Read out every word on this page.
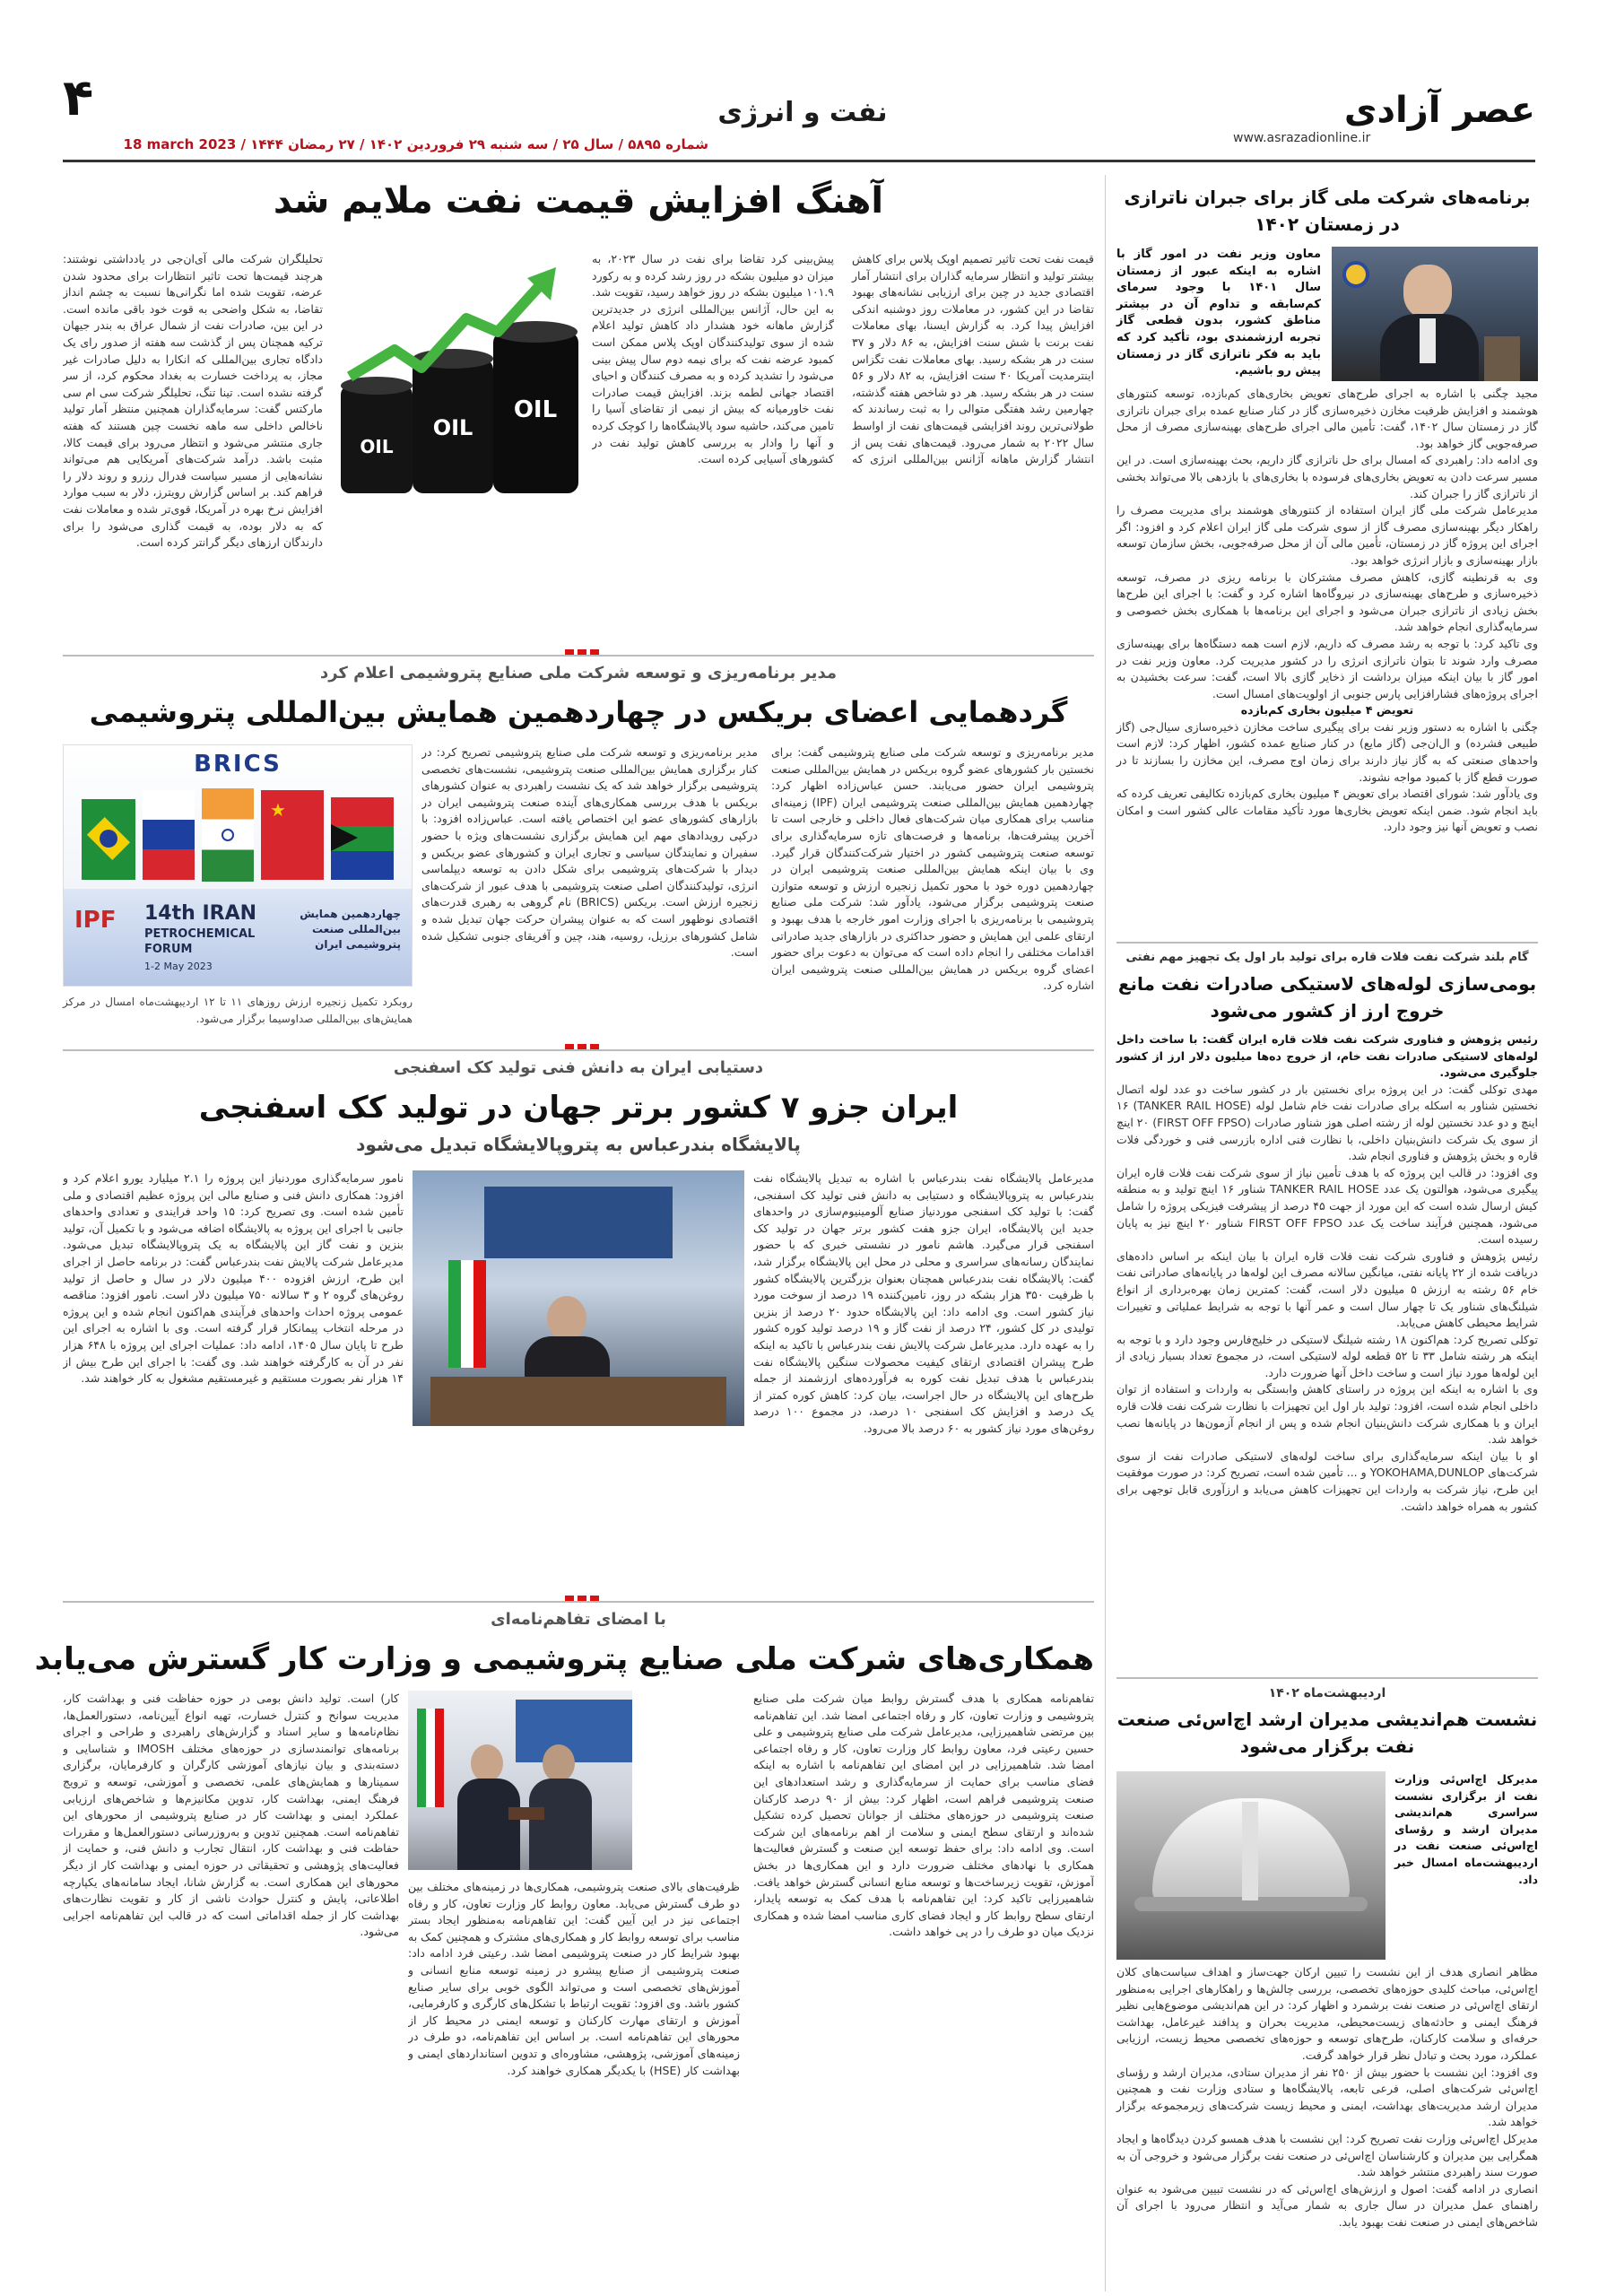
۴	نفت و انرژی	عصر آزادی
www.asrazadionline.ir
شماره ۵۸۹۵ / سال ۲۵ / سه شنبه ۲۹ فروردین ۱۴۰۲ / ۲۷ رمضان ۱۴۴۴ / 18 march 2023
برنامه‌های شرکت ملی گاز برای جبران ناترازی در زمستان ۱۴۰۲
معاون وزیر نفت در امور گاز با اشاره به اینکه عبور از زمستان سال ۱۴۰۱ با وجود سرمای کم‌سابقه و تداوم آن در بیشتر مناطق کشور، بدون قطعی گاز تجربه ارزشمندی بود، تأکید کرد که باید به فکر ناترازی گاز در زمستان پیش رو باشیم.

مجید چگنی با اشاره به اجرای طرح‌های تعویض بخاری‌های کم‌بازده، توسعه کنتورهای هوشمند و افزایش ظرفیت مخازن ذخیره‌سازی گاز در کنار صنایع عمده برای جبران ناترازی گاز در زمستان سال ۱۴۰۲، گفت: تأمین مالی اجرای طرح‌های بهینه‌سازی مصرف از محل صرفه‌جویی گاز خواهد بود.

وی ادامه داد: راهبردی که امسال برای حل ناترازی گاز داریم، بحث بهینه‌سازی است. در این مسیر سرعت دادن به تعویض بخاری‌های فرسوده با بخاری‌های با بازدهی بالا می‌تواند بخشی از ناترازی گاز را جبران کند.

مدیرعامل شرکت ملی گاز ایران استفاده از کنتورهای هوشمند برای مدیریت مصرف را راهکار دیگر بهینه‌سازی مصرف گاز از سوی شرکت ملی گاز ایران اعلام کرد و افزود: اگر اجرای این پروژه گاز در زمستان، تأمین مالی آن از محل صرفه‌جویی، بخش سازمان توسعه بازار بهینه‌سازی و بازار انرژی خواهد بود.

وی به قرنطینه گازی، کاهش مصرف مشترکان با برنامه ریزی در مصرف، توسعه ذخیره‌سازی و طرح‌های بهینه‌سازی در نیروگاه‌ها اشاره کرد و گفت: با اجرای این طرح‌ها بخش زیادی از ناترازی جبران می‌شود و اجرای این برنامه‌ها با همکاری بخش خصوصی و سرمایه‌گذاری انجام خواهد شد.

وی تاکید کرد: با توجه به رشد مصرف که داریم، لازم است همه دستگاه‌ها برای بهینه‌سازی مصرف وارد شوند تا بتوان ناترازی انرژی را در کشور مدیریت کرد. معاون وزیر نفت در امور گاز با بیان اینکه میزان برداشت از ذخایر گازی بالا است، گفت: سرعت بخشیدن به اجرای پروژه‌های فشارافزایی پارس جنوبی از اولویت‌های امسال است.

تعویض ۴ میلیون بخاری کم‌بازده

چگنی با اشاره به دستور وزیر نفت برای پیگیری ساخت مخازن ذخیره‌سازی سیال‌جی (گاز طبیعی فشرده) و ال‌ان‌جی (گاز مایع) در کنار صنایع عمده کشور، اظهار کرد: لازم است واحدهای صنعتی که به گاز نیاز دارند برای زمان اوج مصرف، این مخازن را بسازند تا در صورت قطع گاز با کمبود مواجه نشوند.

وی یادآور شد: شورای اقتصاد برای تعویض ۴ میلیون بخاری کم‌بازده تکالیفی تعریف کرده که باید انجام شود. ضمن اینکه تعویض بخاری‌ها مورد تأکید مقامات عالی کشور است و امکان نصب و تعویض آنها نیز وجود دارد.

گام بلند شرکت نفت فلات قاره برای تولید بار اول یک تجهیز مهم نفتی
بومی‌سازی لوله‌های لاستیکی صادرات نفت مانع خروج ارز از کشور می‌شود

رئیس پژوهش و فناوری شرکت نفت فلات قاره ایران گفت: با ساخت داخل لوله‌های لاستیکی صادرات نفت خام، از خروج ده‌ها میلیون دلار ارز از کشور جلوگیری می‌شود.

مهدی توکلی گفت: در این پروژه برای نخستین بار در کشور ساخت دو عدد لوله اتصال نخستین شناور به اسکله برای صادرات نفت خام شامل لوله (TANKER RAIL HOSE) ۱۶ اینچ و دو عدد نخستین لوله از رشته اصلی هوز شناور صادرات (FIRST OFF FPSO) ۲۰ اینچ از سوی یک شرکت دانش‌بنیان داخلی، با نظارت فنی اداره بازرسی فنی و خوردگی فلات قاره و بخش پژوهش و فناوری انجام شد.

وی افزود: در قالب این پروژه که با هدف تأمین نیاز از سوی شرکت نفت فلات قاره ایران پیگیری می‌شود، هوالتون یک عدد TANKER RAIL HOSE شناور ۱۶ اینچ تولید و به منطقه کیش ارسال شده است که این مورد از جهت ۴۵ درصد از پیشرفت فیزیکی پروژه را شامل می‌شود، همچنین فرآیند ساخت یک عدد FIRST OFF FPSO شناور ۲۰ اینچ نیز به پایان رسیده است.

رئیس پژوهش و فناوری شرکت نفت فلات قاره ایران با بیان اینکه بر اساس داده‌های دریافت شده از ۲۲ پایانه نفتی، میانگین سالانه مصرف این لوله‌ها در پایانه‌های صادراتی نفت خام ۵۶ رشته به ارزش ۵ میلیون دلار است، گفت: کمترین زمان بهره‌برداری از انواع شیلنگ‌های شناور یک تا چهار سال است و عمر آنها با توجه به شرایط عملیاتی و تغییرات شرایط محیطی کاهش می‌یابد.

توکلی تصریح کرد: هم‌اکنون ۱۸ رشته شیلنگ لاستیکی در خلیج‌فارس وجود دارد و با توجه به اینکه هر رشته شامل ۳۳ تا ۵۲ قطعه لوله لاستیکی است، در مجموع تعداد بسیار زیادی از این لوله‌ها مورد نیاز است و ساخت داخل آنها ضرورت دارد.

وی با اشاره به اینکه این پروژه در راستای کاهش وابستگی به واردات و استفاده از توان داخلی انجام شده است، افزود: تولید بار اول این تجهیزات با نظارت شرکت نفت فلات قاره ایران و با همکاری شرکت دانش‌بنیان انجام شده و پس از انجام آزمون‌ها در پایانه‌ها نصب خواهد شد.

او با بیان اینکه سرمایه‌گذاری برای ساخت لوله‌های لاستیکی صادرات نفت از سوی شرکت‌های YOKOHAMA,DUNLOP و ... تأمین شده است، تصریح کرد: در صورت موفقیت این طرح، نیاز شرکت به واردات این تجهیزات کاهش می‌یابد و ارزآوری قابل توجهی برای کشور به همراه خواهد داشت.

اردیبهشت‌ماه ۱۴۰۲
نشست هم‌اندیشی مدیران ارشد اچ‌اس‌ئی صنعت نفت برگزار می‌شود
مدیرکل اچ‌اس‌ئی وزارت نفت از برگزاری نشست سراسری هم‌اندیشی مدیران ارشد و رؤسای اچ‌اس‌ئی صنعت نفت در اردیبهشت‌ماه امسال خبر داد.

مظاهر انصاری هدف از این نشست را تبیین ارکان جهت‌ساز و اهداف سیاست‌های کلان اچ‌اس‌ئی، مباحث کلیدی حوزه‌های تخصصی، بررسی چالش‌ها و راهکارهای اجرایی به‌منظور ارتقای اچ‌اس‌ئی در صنعت نفت برشمرد و اظهار کرد: در این هم‌اندیشی موضوع‌هایی نظیر فرهنگ ایمنی و حادثه‌های زیست‌محیطی، مدیریت بحران و پدافند غیرعامل، بهداشت حرفه‌ای و سلامت کارکنان، طرح‌های توسعه و حوزه‌های تخصصی محیط زیست، ارزیابی عملکرد، مورد بحث و تبادل نظر قرار خواهد گرفت.

وی افزود: این نشست با حضور بیش از ۲۵۰ نفر از مدیران ستادی، مدیران ارشد و رؤسای اچ‌اس‌ئی شرکت‌های اصلی، فرعی تابعه، پالایشگاه‌ها و ستادی وزارت نفت و همچنین مدیران ارشد مدیریت‌های بهداشت، ایمنی و محیط زیست شرکت‌های زیرمجموعه برگزار خواهد شد.

مدیرکل اچ‌اس‌ئی وزارت نفت تصریح کرد: این نشست با هدف همسو کردن دیدگاه‌ها و ایجاد همگرایی بین مدیران و کارشناسان اچ‌اس‌ئی در صنعت نفت برگزار می‌شود و خروجی آن به صورت سند راهبردی منتشر خواهد شد.

انصاری در ادامه گفت: اصول و ارزش‌های اچ‌اس‌ئی که در نشست تبیین می‌شود به عنوان راهنمای عمل مدیران در سال جاری به شمار می‌آید و انتظار می‌رود با اجرای آن شاخص‌های ایمنی در صنعت نفت بهبود یابد.

آهنگ افزایش قیمت نفت ملایم شد
قیمت نفت تحت تاثیر تصمیم اوپک پلاس برای کاهش بیشتر تولید و انتظار سرمایه گذاران برای انتشار آمار اقتصادی جدید در چین برای ارزیابی نشانه‌های بهبود تقاضا در این کشور، در معاملات روز دوشنبه اندکی افزایش پیدا کرد. به گزارش ایسنا، بهای معاملات نفت برنت با شش سنت افزایش، به ۸۶ دلار و ۳۷ سنت در هر بشکه رسید. بهای معاملات نفت تگزاس اینترمدیت آمریکا ۴۰ سنت افزایش، به ۸۲ دلار و ۵۶ سنت در هر بشکه رسید. هر دو شاخص هفته گذشته، چهارمین رشد هفتگی متوالی را به ثبت رساندند که طولانی‌ترین روند افزایشی قیمت‌های نفت از اواسط سال ۲۰۲۲ به شمار می‌رود. قیمت‌های نفت پس از انتشار گزارش ماهانه آژانس بین‌المللی انرژی که پیش‌بینی کرد تقاضا برای نفت در سال ۲۰۲۳، به میزان دو میلیون بشکه در روز رشد کرده و به رکورد ۱۰۱.۹ میلیون بشکه در روز خواهد رسید، تقویت شد. به این حال، آژانس بین‌المللی انرژی در جدیدترین گزارش ماهانه خود هشدار داد کاهش تولید اعلام شده از سوی تولیدکنندگان اوپک پلاس ممکن است کمبود عرضه نفت که برای نیمه دوم سال پیش بینی می‌شود را تشدید کرده و به مصرف کنندگان و احیای اقتصاد جهانی لطمه بزند. افزایش قیمت صادرات نفت خاورمیانه که بیش از نیمی از تقاضای آسیا را تامین می‌کند، حاشیه سود پالایشگاه‌ها را کوچک کرده و آنها را وادار به بررسی کاهش تولید نفت در کشورهای آسیایی کرده است.
OIL
OIL
OIL
تحلیلگران شرکت مالی آی‌ان‌جی در یادداشتی نوشتند: هرچند قیمت‌ها تحت تاثیر انتظارات برای محدود شدن عرضه، تقویت شده اما نگرانی‌ها نسبت به چشم انداز تقاضا، به شکل واضحی به قوت خود باقی مانده است. در این بین، صادرات نفت از شمال عراق به بندر جیهان ترکیه همچنان پس از گذشت سه هفته از صدور رای یک دادگاه تجاری بین‌المللی که انکارا به دلیل صادرات غیر مجاز، به پرداخت خسارت به بغداد محکوم کرد، از سر گرفته نشده است. تینا تنگ، تحلیلگر شرکت سی ام سی مارکتس گفت: سرمایه‌گذاران همچنین منتظر آمار تولید ناخالص داخلی سه ماهه نخست چین هستند که هفته جاری منتشر می‌شود و انتظار می‌رود برای قیمت کالا، مثبت باشد. درآمد شرکت‌های آمریکایی هم می‌تواند نشانه‌هایی از مسیر سیاست فدرال رزرو و روند دلار را فراهم کند. بر اساس گزارش رویترز، دلار به سبب موارد افزایش نرخ بهره در آمریکا، قوی‌تر شده و معاملات نفت که به دلار بوده، به قیمت گذاری می‌شود را برای دارندگان ارزهای دیگر گرانتر کرده است.
مدیر برنامه‌ریزی و توسعه شرکت ملی صنایع پتروشیمی اعلام کرد
گردهمایی اعضای بریکس در چهاردهمین همایش بین‌المللی پتروشیمی
مدیر برنامه‌ریزی و توسعه شرکت ملی صنایع پتروشیمی گفت: برای نخستین بار کشورهای عضو گروه بریکس در همایش بین‌المللی صنعت پتروشیمی ایران حضور می‌یابند. حسن عباس‌زاده اظهار کرد: چهاردهمین همایش بین‌المللی صنعت پتروشیمی ایران (IPF) زمینه‌ای مناسب برای همکاری میان شرکت‌های فعال داخلی و خارجی است تا آخرین پیشرفت‌ها، برنامه‌ها و فرصت‌های تازه سرمایه‌گذاری برای توسعه صنعت پتروشیمی کشور در اختیار شرکت‌کنندگان قرار گیرد. وی با بیان اینکه همایش بین‌المللی صنعت پتروشیمی ایران در چهاردهمین دوره خود با محور تکمیل زنجیره ارزش و توسعه متوازن صنعت پتروشیمی برگزار می‌شود، یادآور شد: شرکت ملی صنایع پتروشیمی با برنامه‌ریزی با اجرای وزارت امور خارجه با هدف بهبود و ارتقای علمی این همایش و حضور حداکثری در بازارهای جدید صادراتی اقدامات مختلفی را انجام داده است که می‌توان به دعوت برای حضور اعضای گروه بریکس در همایش بین‌المللی صنعت پتروشیمی ایران اشاره کرد.
مدیر برنامه‌ریزی و توسعه شرکت ملی صنایع پتروشیمی تصریح کرد: در کنار برگزاری همایش بین‌المللی صنعت پتروشیمی، نشست‌های تخصصی پتروشیمی برگزار خواهد شد که یک نشست راهبردی به عنوان کشورهای بریکس با هدف بررسی همکاری‌های آینده صنعت پتروشیمی ایران در بازارهای کشورهای عضو این اختصاص یافته است. عباس‌زاده افزود: با درکپی رویدادهای مهم این همایش برگزاری نشست‌های ویژه با حضور سفیران و نمایندگان سیاسی و تجاری ایران و کشورهای عضو بریکس و دیدار با شرکت‌های پتروشیمی برای شکل دادن به توسعه دیپلماسی انرژی، تولیدکنندگان اصلی صنعت پتروشیمی با هدف عبور از شرکت‌های زنجیره ارزش است. بریکس (BRICS) نام گروهی به رهبری قدرت‌های اقتصادی نوظهور است که به عنوان پیشران حرکت جهان تبدیل شده و شامل کشورهای برزیل، روسیه، هند، چین و آفریقای جنوبی تشکیل شده است.
BRICS
★
IPF 14th IRAN
PETROCHEMICAL
FORUM
چهاردهمین همایش بین‌المللی صنعت پتروشیمی ایران
1-2 May 2023
روبکرد تکمیل زنجیره ارزش روزهای ۱۱ تا ۱۲ اردیبهشت‌ماه امسال در مرکز همایش‌های بین‌المللی صداوسیما برگزار می‌شود.
دستیابی ایران به دانش فنی تولید کک اسفنجی
ایران جزو ۷ کشور برتر جهان در تولید کک اسفنجی
پالایشگاه بندرعباس به پتروپالایشگاه تبدیل می‌شود
مدیرعامل پالایشگاه نفت بندرعباس با اشاره به تبدیل پالایشگاه نفت بندرعباس به پتروپالایشگاه و دستیابی به دانش فنی تولید کک اسفنجی، گفت: با تولید کک اسفنجی موردنیاز صنایع آلومینیوم‌سازی در واحدهای جدید این پالایشگاه، ایران جزو هفت کشور برتر جهان در تولید کک اسفنجی قرار می‌گیرد. هاشم نامور در نشستی خبری که با حضور نمایندگان رسانه‌های سراسری و محلی در محل این پالایشگاه برگزار شد، گفت: پالایشگاه نفت بندرعباس همچنان بعنوان بزرگترین پالایشگاه کشور با ظرفیت ۳۵۰ هزار بشکه در روز، تامین‌کننده ۱۹ درصد از سوخت مورد نیاز کشور است. وی ادامه داد: این پالایشگاه حدود ۲۰ درصد از بنزین تولیدی در کل کشور، ۲۴ درصد از نفت گاز و ۱۹ درصد تولید کوره کشور را به عهده دارد. مدیرعامل شرکت پالایش نفت بندرعباس با تاکید به اینکه طرح پیشران اقتصادی ارتقای کیفیت محصولات سنگین پالایشگاه نفت بندرعباس با هدف تبدیل نفت کوره به فرآورده‌های ارزشمند از جمله طرح‌های این پالایشگاه در حال اجراست، بیان کرد: کاهش کوره کمتر از یک درصد و افزایش کک اسفنجی ۱۰ درصد، در مجموع ۱۰۰ درصد روغن‌های مورد نیاز کشور به ۶۰ درصد بالا می‌رود.
نامور سرمایه‌گذاری موردنیاز این پروژه را ۲.۱ میلیارد یورو اعلام کرد و افزود: همکاری دانش فنی و صنایع مالی این پروژه عظیم اقتصادی و ملی تأمین شده است. وی تصریح کرد: ۱۵ واحد فرایندی و تعدادی واحدهای جانبی با اجرای این پروژه به پالایشگاه اضافه می‌شود و با تکمیل آن، تولید بنزین و نفت گاز این پالایشگاه به یک پتروپالایشگاه تبدیل می‌شود. مدیرعامل شرکت پالایش نفت بندرعباس گفت: در برنامه حاصل از اجرای این طرح، ارزش افزوده ۴۰۰ میلیون دلار در سال و حاصل از تولید روغن‌های گروه ۲ و ۳ سالانه ۷۵۰ میلیون دلار است. نامور افزود: مناقصه عمومی پروژه احداث واحدهای فرآیندی هم‌اکنون انجام شده و این پروژه در مرحله انتخاب پیمانکار قرار گرفته است. وی با اشاره به اجرای این طرح تا پایان سال ۱۴۰۵، ادامه داد: عملیات اجرای این پروژه با ۶۴۸ هزار نفر در آن به کارگرفته خواهند شد. وی گفت: با اجرای این طرح بیش از ۱۴ هزار نفر بصورت مستقیم و غیرمستقیم مشغول به کار خواهند شد.
با امضای تفاهم‌نامه‌ای
همکاری‌های شرکت ملی صنایع پتروشیمی و وزارت کار گسترش می‌یابد
تفاهم‌نامه همکاری با هدف گسترش روابط میان شرکت ملی صنایع پتروشیمی و وزارت تعاون، کار و رفاه اجتماعی امضا شد. این تفاهم‌نامه بین مرتضی شاهمیرزایی، مدیرعامل شرکت ملی صنایع پتروشیمی و علی حسین رعیتی فرد، معاون روابط کار وزارت تعاون، کار و رفاه اجتماعی امضا شد. شاهمیرزایی در این امضای این تفاهم‌نامه با اشاره به اینکه فضای مناسب برای حمایت از سرمایه‌گذاری و رشد استعدادهای این صنعت پتروشیمی فراهم است، اظهار کرد: بیش از ۹۰ درصد کارکنان صنعت پتروشیمی در حوزه‌های مختلف از جوانان تحصیل کرده تشکیل شده‌اند و ارتقای سطح ایمنی و سلامت از اهم برنامه‌های این شرکت است. وی ادامه داد: برای حفظ توسعه این صنعت و گسترش فعالیت‌ها همکاری با نهادهای مختلف ضرورت دارد و این همکاری‌ها در بخش آموزش، تقویت زیرساخت‌ها و توسعه منابع انسانی گسترش خواهد یافت. شاهمیرزایی تاکید کرد: این تفاهم‌نامه با هدف کمک به توسعه پایدار، ارتقای سطح روابط کار و ایجاد فضای کاری مناسب امضا شده و همکاری نزدیک میان دو طرف را در پی خواهد داشت.
ظرفیت‌های بالای صنعت پتروشیمی، همکاری‌ها در زمینه‌های مختلف بین دو طرف گسترش می‌یابد. معاون روابط کار وزارت تعاون، کار و رفاه اجتماعی نیز در این آیین گفت: این تفاهم‌نامه به‌منظور ایجاد بستر مناسب برای توسعه روابط کار و همکاری‌های مشترک و همچنین کمک به بهبود شرایط کار در صنعت پتروشیمی امضا شد. رعیتی فرد ادامه داد: صنعت پتروشیمی از صنایع پیشرو در زمینه توسعه منابع انسانی و آموزش‌های تخصصی است و می‌تواند الگوی خوبی برای سایر صنایع کشور باشد. وی افزود: تقویت ارتباط با تشکل‌های کارگری و کارفرمایی، آموزش و ارتقای مهارت کارکنان و توسعه ایمنی در محیط کار از محورهای این تفاهم‌نامه است. بر اساس این تفاهم‌نامه، دو طرف در زمینه‌های آموزشی، پژوهشی، مشاوره‌ای و تدوین استانداردهای ایمنی و بهداشت کار (HSE) با یکدیگر همکاری خواهند کرد.
کار) است. تولید دانش بومی در حوزه حفاظت فنی و بهداشت کار، مدیریت سوانح و کنترل خسارت، تهیه انواع آیین‌نامه، دستورالعمل‌ها، نظام‌نامه‌ها و سایر اسناد و گزارش‌های راهبردی و طراحی و اجرای برنامه‌های توانمندسازی در حوزه‌های مختلف IMOSH و شناسایی و دسته‌بندی و بیان نیازهای آموزشی کارگران و کارفرمایان، برگزاری سمینارها و همایش‌های علمی، تخصصی و آموزشی، توسعه و ترویج فرهنگ ایمنی، بهداشت کار، تدوین مکانیزم‌ها و شاخص‌های ارزیابی عملکرد ایمنی و بهداشت کار در صنایع پتروشیمی از محورهای این تفاهم‌نامه است. همچنین تدوین و به‌روزرسانی دستورالعمل‌ها و مقررات حفاظت فنی و بهداشت کار، انتقال تجارب و دانش فنی، و حمایت از فعالیت‌های پژوهشی و تحقیقاتی در حوزه ایمنی و بهداشت کار از دیگر محورهای این همکاری است. به گزارش شانا، ایجاد سامانه‌های یکپارچه اطلاعاتی، پایش و کنترل حوادث ناشی از کار و تقویت نظارت‌های بهداشت کار از جمله اقداماتی است که در قالب این تفاهم‌نامه اجرایی می‌شود.
